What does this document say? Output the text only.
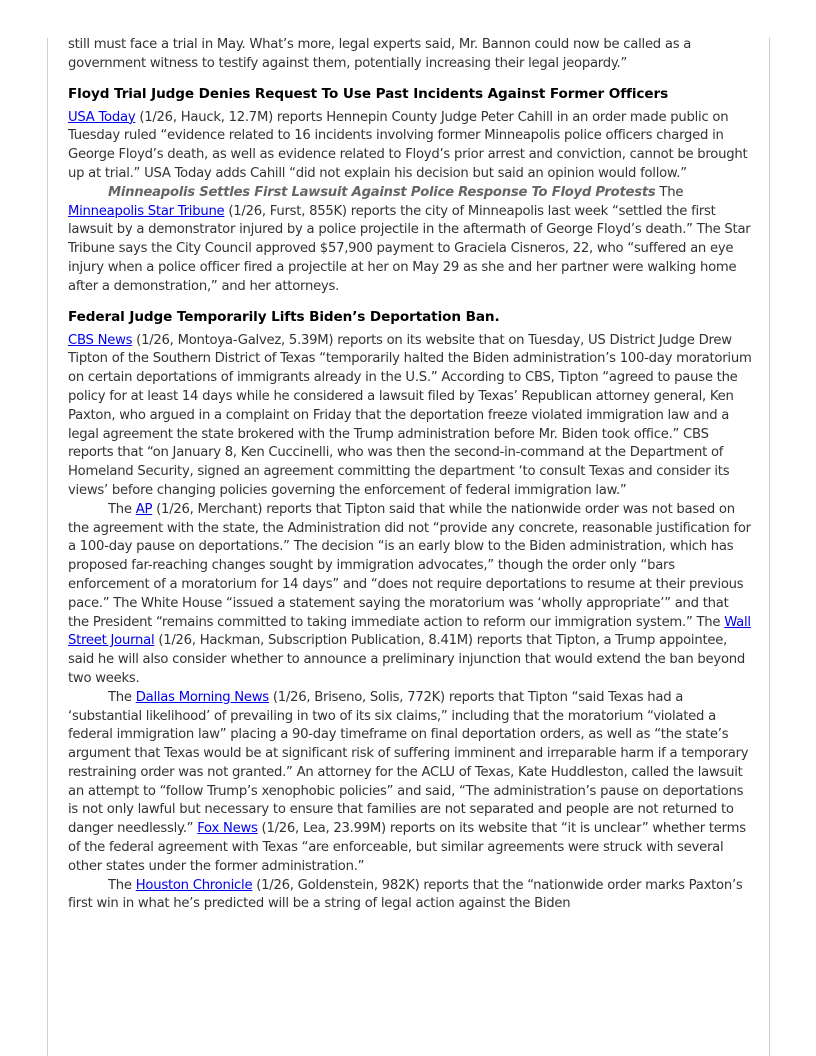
still must face a trial in May. What’s more, legal experts said, Mr. Bannon could now be called as a government witness to testify against them, potentially increasing their legal jeopardy.”

Floyd Trial Judge Denies Request To Use Past Incidents Against Former Officers

USA Today (1/26, Hauck, 12.7M) reports Hennepin County Judge Peter Cahill in an order made public on Tuesday ruled “evidence related to 16 incidents involving former Minneapolis police officers charged in George Floyd’s death, as well as evidence related to Floyd’s prior arrest and conviction, cannot be brought up at trial.” USA Today adds Cahill “did not explain his decision but said an opinion would follow.”

Minneapolis Settles First Lawsuit Against Police Response To Floyd Protests The Minneapolis Star Tribune (1/26, Furst, 855K) reports the city of Minneapolis last week “settled the first lawsuit by a demonstrator injured by a police projectile in the aftermath of George Floyd’s death.” The Star Tribune says the City Council approved $57,900 payment to Graciela Cisneros, 22, who “suffered an eye injury when a police officer fired a projectile at her on May 29 as she and her partner were walking home after a demonstration,” and her attorneys.

Federal Judge Temporarily Lifts Biden’s Deportation Ban.

CBS News (1/26, Montoya-Galvez, 5.39M) reports on its website that on Tuesday, US District Judge Drew Tipton of the Southern District of Texas “temporarily halted the Biden administration’s 100-day moratorium on certain deportations of immigrants already in the U.S.” According to CBS, Tipton “agreed to pause the policy for at least 14 days while he considered a lawsuit filed by Texas’ Republican attorney general, Ken Paxton, who argued in a complaint on Friday that the deportation freeze violated immigration law and a legal agreement the state brokered with the Trump administration before Mr. Biden took office.” CBS reports that “on January 8, Ken Cuccinelli, who was then the second-in-command at the Department of Homeland Security, signed an agreement committing the department ‘to consult Texas and consider its views’ before changing policies governing the enforcement of federal immigration law.”

The AP (1/26, Merchant) reports that Tipton said that while the nationwide order was not based on the agreement with the state, the Administration did not “provide any concrete, reasonable justification for a 100-day pause on deportations.” The decision “is an early blow to the Biden administration, which has proposed far-reaching changes sought by immigration advocates,” though the order only “bars enforcement of a moratorium for 14 days” and “does not require deportations to resume at their previous pace.” The White House “issued a statement saying the moratorium was ‘wholly appropriate’” and that the President “remains committed to taking immediate action to reform our immigration system.” The Wall Street Journal (1/26, Hackman, Subscription Publication, 8.41M) reports that Tipton, a Trump appointee, said he will also consider whether to announce a preliminary injunction that would extend the ban beyond two weeks.

The Dallas Morning News (1/26, Briseno, Solis, 772K) reports that Tipton “said Texas had a ‘substantial likelihood’ of prevailing in two of its six claims,” including that the moratorium “violated a federal immigration law” placing a 90-day timeframe on final deportation orders, as well as “the state’s argument that Texas would be at significant risk of suffering imminent and irreparable harm if a temporary restraining order was not granted.” An attorney for the ACLU of Texas, Kate Huddleston, called the lawsuit an attempt to “follow Trump’s xenophobic policies” and said, “The administration’s pause on deportations is not only lawful but necessary to ensure that families are not separated and people are not returned to danger needlessly.” Fox News (1/26, Lea, 23.99M) reports on its website that “it is unclear” whether terms of the federal agreement with Texas “are enforceable, but similar agreements were struck with several other states under the former administration.”

The Houston Chronicle (1/26, Goldenstein, 982K) reports that the “nationwide order marks Paxton’s first win in what he’s predicted will be a string of legal action against the Biden
